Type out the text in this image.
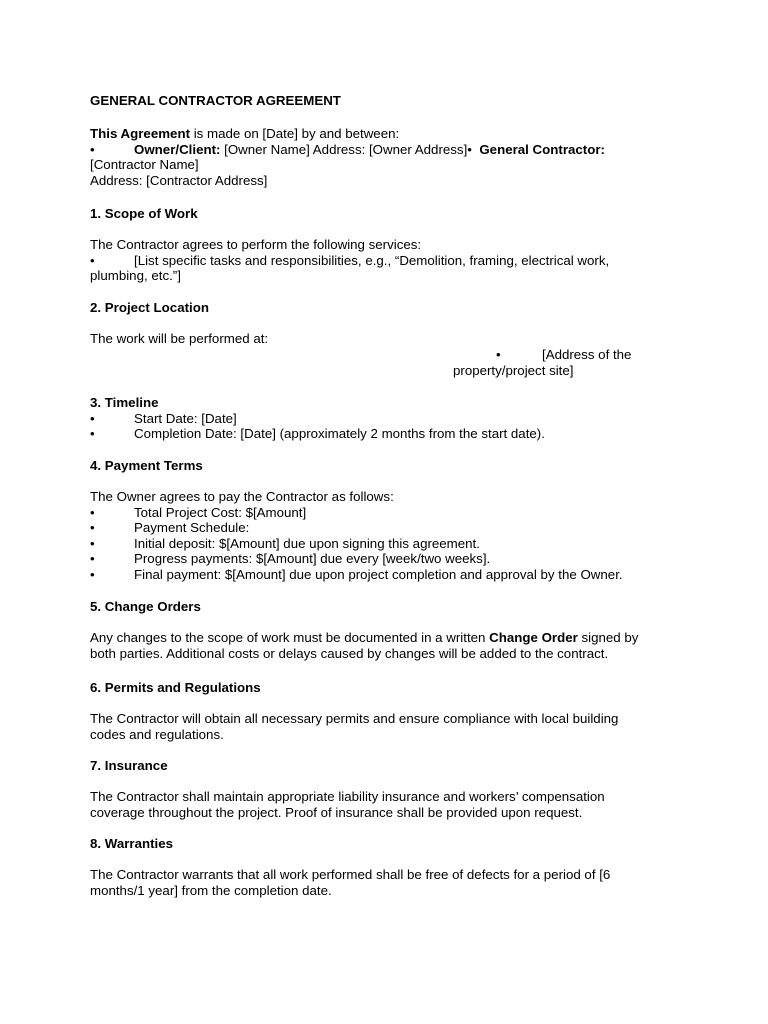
GENERAL CONTRACTOR AGREEMENT
This Agreement is made on [Date] by and between:
•	Owner/Client: [Owner Name] Address: [Owner Address]• General Contractor:
[Contractor Name]
Address: [Contractor Address]
1. Scope of Work
The Contractor agrees to perform the following services:
•	[List specific tasks and responsibilities, e.g., “Demolition, framing, electrical work,
plumbing, etc.”]
2. Project Location
The work will be performed at:
•	[Address of the
property/project site]
3. Timeline
•	Start Date: [Date]
•	Completion Date: [Date] (approximately 2 months from the start date).
4. Payment Terms
The Owner agrees to pay the Contractor as follows:
•	Total Project Cost: $[Amount]
•	Payment Schedule:
•	Initial deposit: $[Amount] due upon signing this agreement.
•	Progress payments: $[Amount] due every [week/two weeks].
•	Final payment: $[Amount] due upon project completion and approval by the Owner.
5. Change Orders
Any changes to the scope of work must be documented in a written Change Order signed by
both parties. Additional costs or delays caused by changes will be added to the contract.
6. Permits and Regulations
The Contractor will obtain all necessary permits and ensure compliance with local building
codes and regulations.
7. Insurance
The Contractor shall maintain appropriate liability insurance and workers’ compensation
coverage throughout the project. Proof of insurance shall be provided upon request.
8. Warranties
The Contractor warrants that all work performed shall be free of defects for a period of [6
months/1 year] from the completion date.
